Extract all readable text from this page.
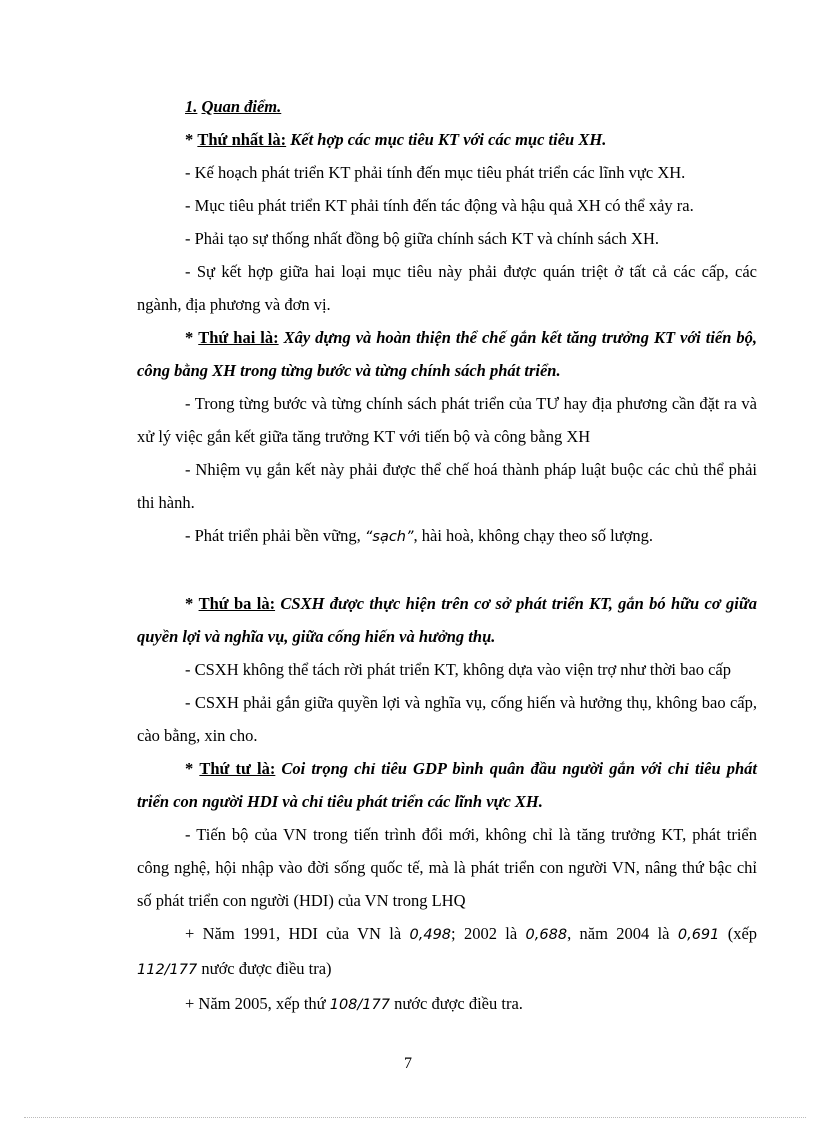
1. Quan điểm.

* Thứ nhất là: Kết hợp các mục tiêu KT với các mục tiêu XH.

- Kế hoạch phát triển KT phải tính đến mục tiêu phát triển các lĩnh vực XH.

- Mục tiêu phát triển KT phải tính đến tác động và hậu quả XH có thể xảy ra.

- Phải tạo sự thống nhất đồng bộ giữa chính sách KT và chính sách XH.

- Sự kết hợp giữa hai loại mục tiêu này phải được quán triệt ở tất cả các cấp, các ngành, địa phương và đơn vị.

* Thứ hai là: Xây dựng và hoàn thiện thể chế gắn kết tăng trưởng KT với tiến bộ, công bằng XH trong từng bước và từng chính sách phát triển.

- Trong từng bước và từng chính sách phát triển của TƯ hay địa phương cần đặt ra và xử lý việc gắn kết giữa tăng trưởng KT với tiến bộ và công bằng XH

- Nhiệm vụ gắn kết này phải được thể chế hoá thành pháp luật buộc các chủ thể phải thi hành.

- Phát triển phải bền vững, “sạch”, hài hoà, không chạy theo số lượng.

* Thứ ba là: CSXH được thực hiện trên cơ sở phát triển KT, gắn bó hữu cơ giữa quyền lợi và nghĩa vụ, giữa cống hiến và hưởng thụ.

- CSXH không thể tách rời phát triển KT, không dựa vào viện trợ như thời bao cấp

- CSXH phải gắn giữa quyền lợi và nghĩa vụ, cống hiến và hưởng thụ, không bao cấp, cào bằng, xin cho.

* Thứ tư là: Coi trọng chỉ tiêu GDP bình quân đầu người gắn với chỉ tiêu phát triển con người HDI và chỉ tiêu phát triển các lĩnh vực XH.

- Tiến bộ của VN trong tiến trình đổi mới, không chỉ là tăng trưởng KT, phát triển công nghệ, hội nhập vào đời sống quốc tế, mà là phát triển con người VN, nâng thứ bậc chỉ số phát triển con người (HDI) của VN trong LHQ

+ Năm 1991, HDI của VN là 0,498; 2002 là 0,688, năm 2004 là 0,691 (xếp 112/177 nước được điều tra)

+ Năm 2005, xếp thứ 108/177 nước được điều tra.

7
